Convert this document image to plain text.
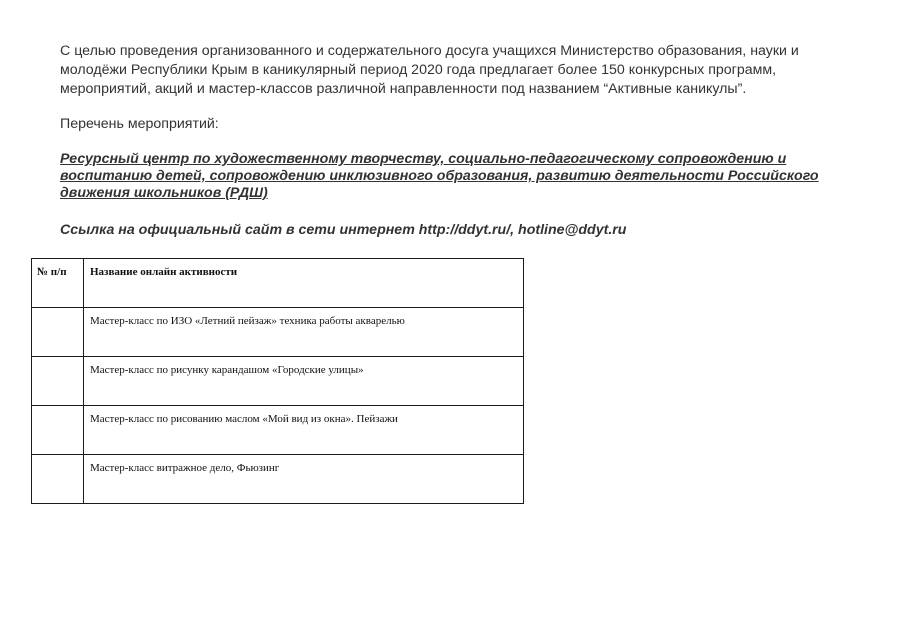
С целью проведения организованного и содержательного досуга учащихся Министерство образования, науки и молодёжи Республики Крым в каникулярный период 2020 года предлагает более 150 конкурсных программ, мероприятий, акций и мастер-классов различной направленности под названием “Активные каникулы”.

Перечень мероприятий:

Ресурсный центр по художественному творчеству, социально-педагогическому сопровождению и воспитанию детей, сопровождению инклюзивного образования, развитию деятельности Российского движения школьников (РДШ)

Ссылка на официальный сайт в сети интернет http://ddyt.ru/, hotline@ddyt.ru

№ п/п	Название онлайн активности
	Мастер-класс по ИЗО «Летний пейзаж» техника работы акварелью
	Мастер-класс по рисунку карандашом «Городские улицы»
	Мастер-класс по рисованию маслом «Мой вид из окна». Пейзажи
	Мастер-класс витражное дело, Фьюзинг
